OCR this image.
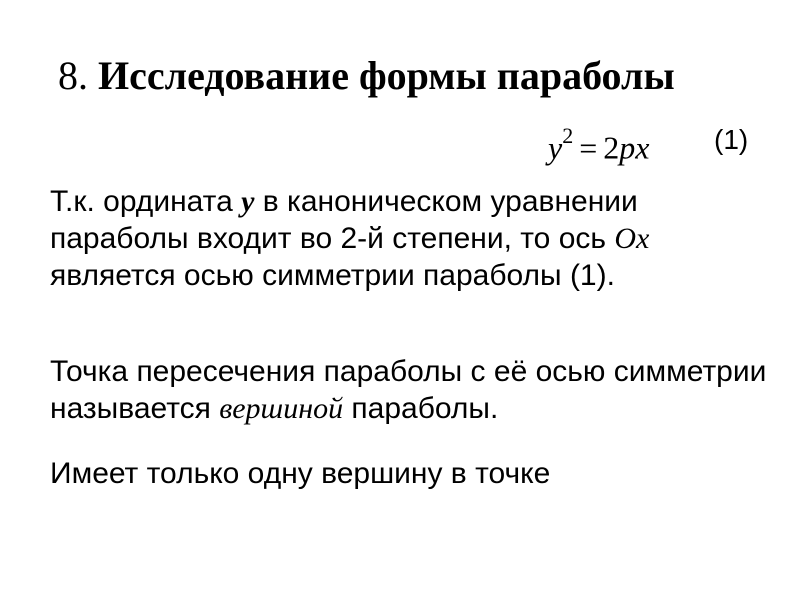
8. Исследование формы параболы
$y^2 = 2px$ (1)
Т.к. ордината y в каноническом уравнении параболы входит во 2-й степени, то ось Ox является осью симметрии параболы (1).
Точка пересечения параболы с её осью симметрии называется вершиной параболы.
Имеет только одну вершину в точке
